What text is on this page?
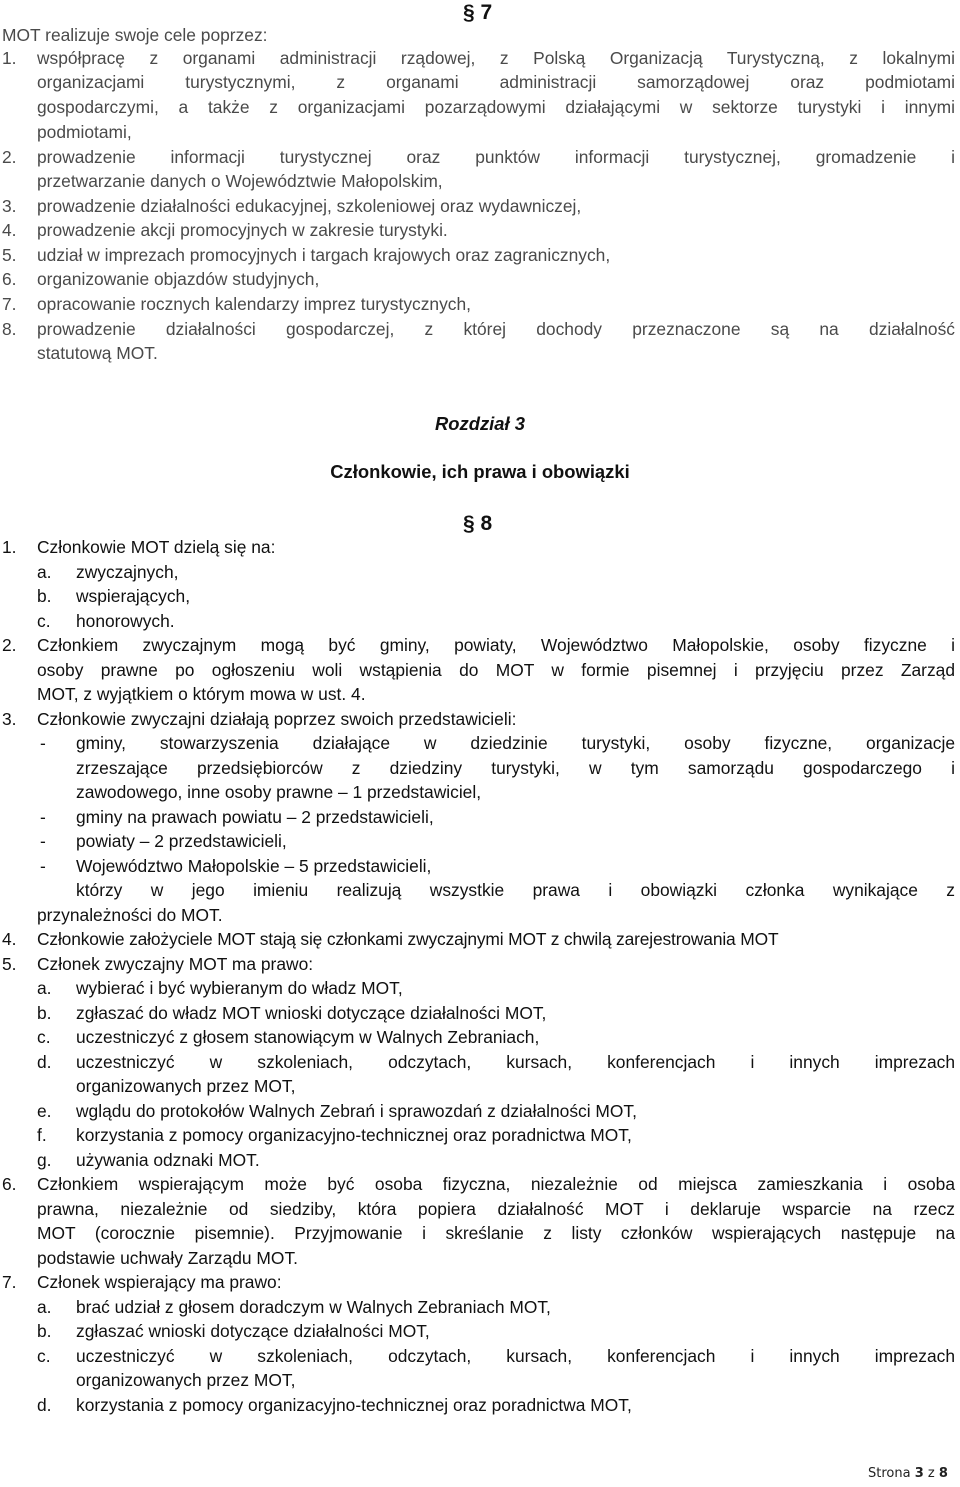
§ 7
MOT realizuje swoje cele poprzez:
1. współpracę z organami administracji rządowej, z Polską Organizacją Turystyczną, z lokalnymi
organizacjami turystycznymi, z organami administracji samorządowej oraz podmiotami
gospodarczymi, a także z organizacjami pozarządowymi działającymi w sektorze turystyki i innymi
podmiotami,
2. prowadzenie informacji turystycznej oraz punktów informacji turystycznej, gromadzenie i
przetwarzanie danych o Województwie Małopolskim,
3. prowadzenie działalności edukacyjnej, szkoleniowej oraz wydawniczej,
4. prowadzenie akcji promocyjnych w zakresie turystyki.
5. udział w imprezach promocyjnych i targach krajowych oraz zagranicznych,
6. organizowanie objazdów studyjnych,
7. opracowanie rocznych kalendarzy imprez turystycznych,
8. prowadzenie działalności gospodarczej, z której dochody przeznaczone są na działalność
statutową MOT.
Rozdział 3
Członkowie, ich prawa i obowiązki
§ 8
1. Członkowie MOT dzielą się na:
a. zwyczajnych,
b. wspierających,
c. honorowych.
2. Członkiem zwyczajnym mogą być gminy, powiaty, Województwo Małopolskie, osoby fizyczne i
osoby prawne po ogłoszeniu woli wstąpienia do MOT w formie pisemnej i przyjęciu przez Zarząd
MOT, z wyjątkiem o którym mowa w ust. 4.
3. Członkowie zwyczajni działają poprzez swoich przedstawicieli:
- gminy, stowarzyszenia działające w dziedzinie turystyki, osoby fizyczne, organizacje
zrzeszające przedsiębiorców z dziedziny turystyki, w tym samorządu gospodarczego i
zawodowego, inne osoby prawne – 1 przedstawiciel,
- gminy na prawach powiatu – 2 przedstawicieli,
- powiaty – 2 przedstawicieli,
- Województwo Małopolskie – 5 przedstawicieli,
którzy w jego imieniu realizują wszystkie prawa i obowiązki członka wynikające z
przynależności do MOT.
4. Członkowie założyciele MOT stają się członkami zwyczajnymi MOT z chwilą zarejestrowania MOT
5. Członek zwyczajny MOT ma prawo:
a. wybierać i być wybieranym do władz MOT,
b. zgłaszać do władz MOT wnioski dotyczące działalności MOT,
c. uczestniczyć z głosem stanowiącym w Walnych Zebraniach,
d. uczestniczyć w szkoleniach, odczytach, kursach, konferencjach i innych imprezach
organizowanych przez MOT,
e. wglądu do protokołów Walnych Zebrań i sprawozdań z działalności MOT,
f. korzystania z pomocy organizacyjno-technicznej oraz poradnictwa MOT,
g. używania odznaki MOT.
6. Członkiem wspierającym może być osoba fizyczna, niezależnie od miejsca zamieszkania i osoba
prawna, niezależnie od siedziby, która popiera działalność MOT i deklaruje wsparcie na rzecz
MOT (corocznie pisemnie). Przyjmowanie i skreślanie z listy członków wspierających następuje na
podstawie uchwały Zarządu MOT.
7. Członek wspierający ma prawo:
a. brać udział z głosem doradczym w Walnych Zebraniach MOT,
b. zgłaszać wnioski dotyczące działalności MOT,
c. uczestniczyć w szkoleniach, odczytach, kursach, konferencjach i innych imprezach
organizowanych przez MOT,
d. korzystania z pomocy organizacyjno-technicznej oraz poradnictwa MOT,
Strona 3 z 8
